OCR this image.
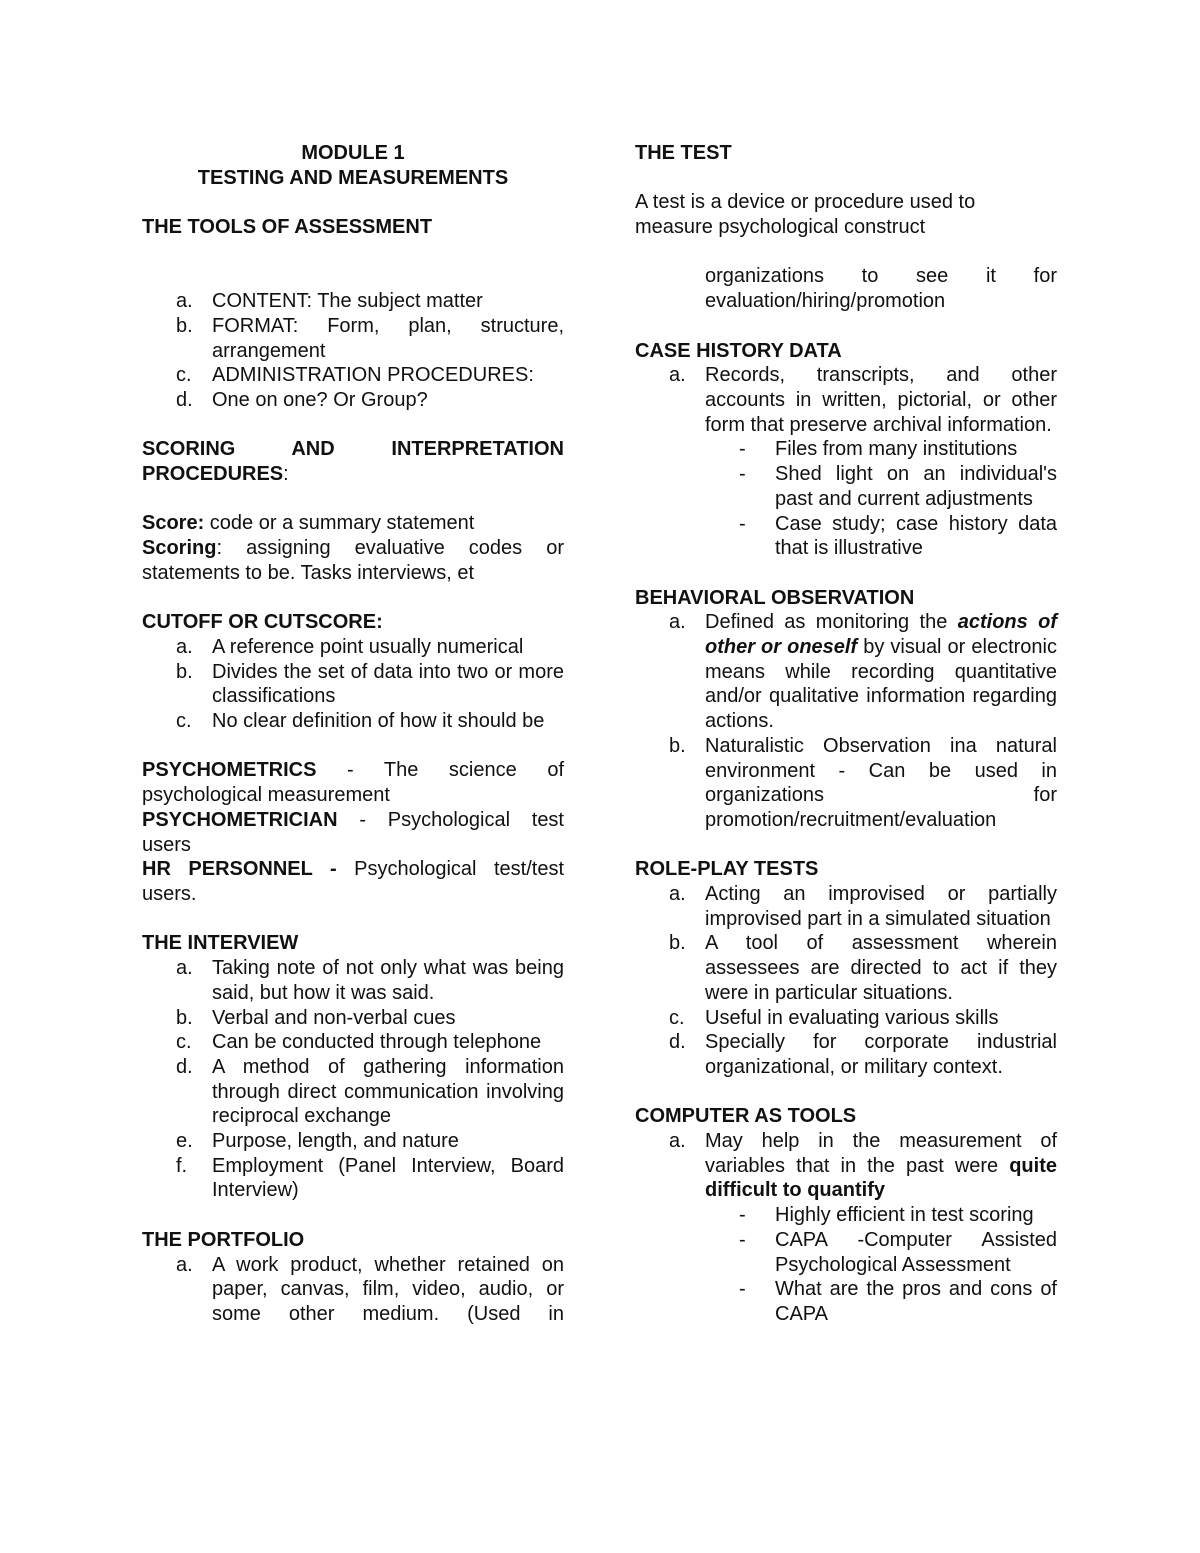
MODULE 1

TESTING AND MEASUREMENTS

THE TOOLS OF ASSESSMENT

a. CONTENT: The subject matter
b. FORMAT: Form, plan, structure, arrangement
c. ADMINISTRATION PROCEDURES:
d. One on one? Or Group?

SCORING AND INTERPRETATION PROCEDURES:

Score: code or a summary statement

Scoring: assigning evaluative codes or statements to be. Tasks interviews, et

CUTOFF OR CUTSCORE:

a. A reference point usually numerical
b. Divides the set of data into two or more classifications
c. No clear definition of how it should be

PSYCHOMETRICS - The science of psychological measurement

PSYCHOMETRICIAN - Psychological test users

HR PERSONNEL - Psychological test/test users.

THE INTERVIEW

a. Taking note of not only what was being said, but how it was said.
b. Verbal and non-verbal cues
c. Can be conducted through telephone
d. A method of gathering information through direct communication involving reciprocal exchange
e. Purpose, length, and nature
f. Employment (Panel Interview, Board Interview)

THE PORTFOLIO

a. A work product, whether retained on paper, canvas, film, video, audio, or some other medium. (Used in

THE TEST

A test is a device or procedure used to measure psychological construct

organizations to see it for

evaluation/hiring/promotion

CASE HISTORY DATA

a. Records, transcripts, and other accounts in written, pictorial, or other form that preserve archival information.
- Files from many institutions
- Shed light on an individual's past and current adjustments
- Case study; case history data that is illustrative

BEHAVIORAL OBSERVATION

a. Defined as monitoring the actions of other or oneself by visual or electronic means while recording quantitative and/or qualitative information regarding actions.
b. Naturalistic Observation ina natural environment - Can be used in organizations for promotion/recruitment/evaluation

ROLE-PLAY TESTS

a. Acting an improvised or partially improvised part in a simulated situation
b. A tool of assessment wherein assessees are directed to act if they were in particular situations.
c. Useful in evaluating various skills
d. Specially for corporate industrial organizational, or military context.

COMPUTER AS TOOLS

a. May help in the measurement of variables that in the past were quite difficult to quantify
- Highly efficient in test scoring
- CAPA -Computer Assisted Psychological Assessment
- What are the pros and cons of CAPA
